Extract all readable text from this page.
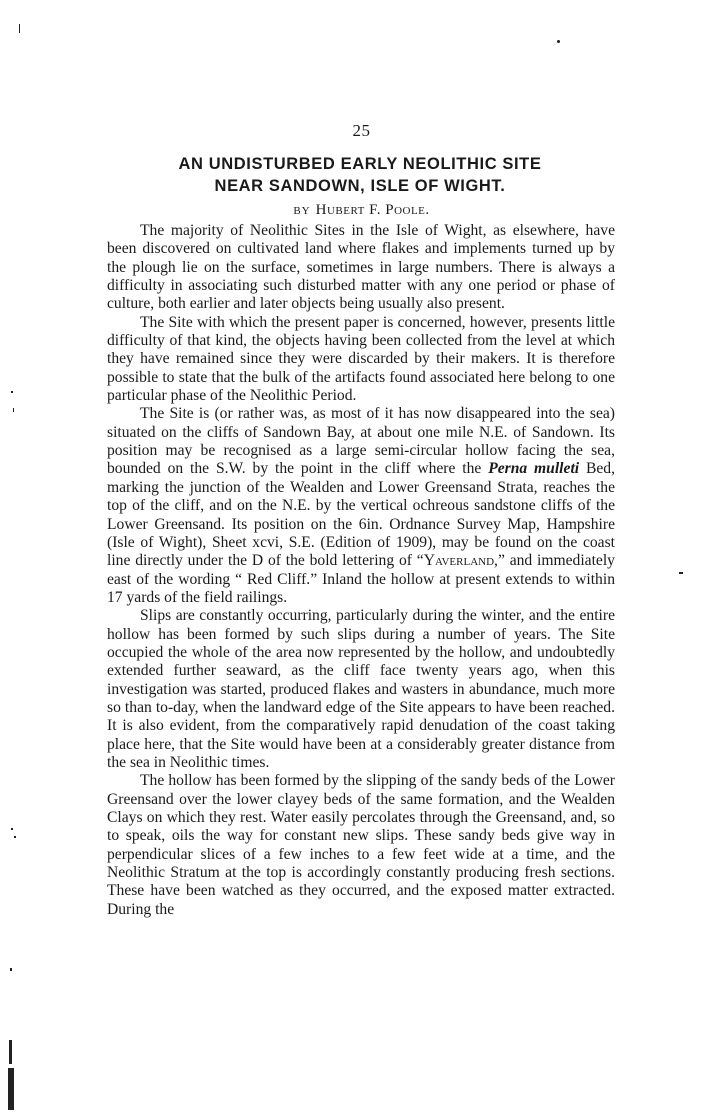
25
AN UNDISTURBED EARLY NEOLITHIC SITE
NEAR SANDOWN, ISLE OF WIGHT.
BY Hubert F. Poole.

The majority of Neolithic Sites in the Isle of Wight, as elsewhere, have been discovered on cultivated land where flakes and implements turned up by the plough lie on the surface, sometimes in large numbers. There is always a difficulty in associating such disturbed matter with any one period or phase of culture, both earlier and later objects being usually also present.

The Site with which the present paper is concerned, however, presents little difficulty of that kind, the objects having been collected from the level at which they have remained since they were discarded by their makers. It is therefore possible to state that the bulk of the artifacts found associated here belong to one particular phase of the Neolithic Period.

The Site is (or rather was, as most of it has now disappeared into the sea) situated on the cliffs of Sandown Bay, at about one mile N.E. of Sandown. Its position may be recognised as a large semi-circular hollow facing the sea, bounded on the S.W. by the point in the cliff where the Perna mulleti Bed, marking the junction of the Wealden and Lower Greensand Strata, reaches the top of the cliff, and on the N.E. by the vertical ochreous sandstone cliffs of the Lower Greensand. Its position on the 6in. Ordnance Survey Map, Hampshire (Isle of Wight), Sheet xcvi, S.E. (Edition of 1909), may be found on the coast line directly under the D of the bold lettering of “Yaverland,” and immediately east of the wording “ Red Cliff.” Inland the hollow at present extends to within 17 yards of the field railings.

Slips are constantly occurring, particularly during the winter, and the entire hollow has been formed by such slips during a number of years. The Site occupied the whole of the area now represented by the hollow, and undoubtedly extended further seaward, as the cliff face twenty years ago, when this investigation was started, produced flakes and wasters in abundance, much more so than to-day, when the landward edge of the Site appears to have been reached. It is also evident, from the comparatively rapid denudation of the coast taking place here, that the Site would have been at a considerably greater distance from the sea in Neolithic times.

The hollow has been formed by the slipping of the sandy beds of the Lower Greensand over the lower clayey beds of the same formation, and the Wealden Clays on which they rest. Water easily percolates through the Greensand, and, so to speak, oils the way for constant new slips. These sandy beds give way in perpendicular slices of a few inches to a few feet wide at a time, and the Neolithic Stratum at the top is accordingly constantly producing fresh sections. These have been watched as they occurred, and the exposed matter extracted. During the
